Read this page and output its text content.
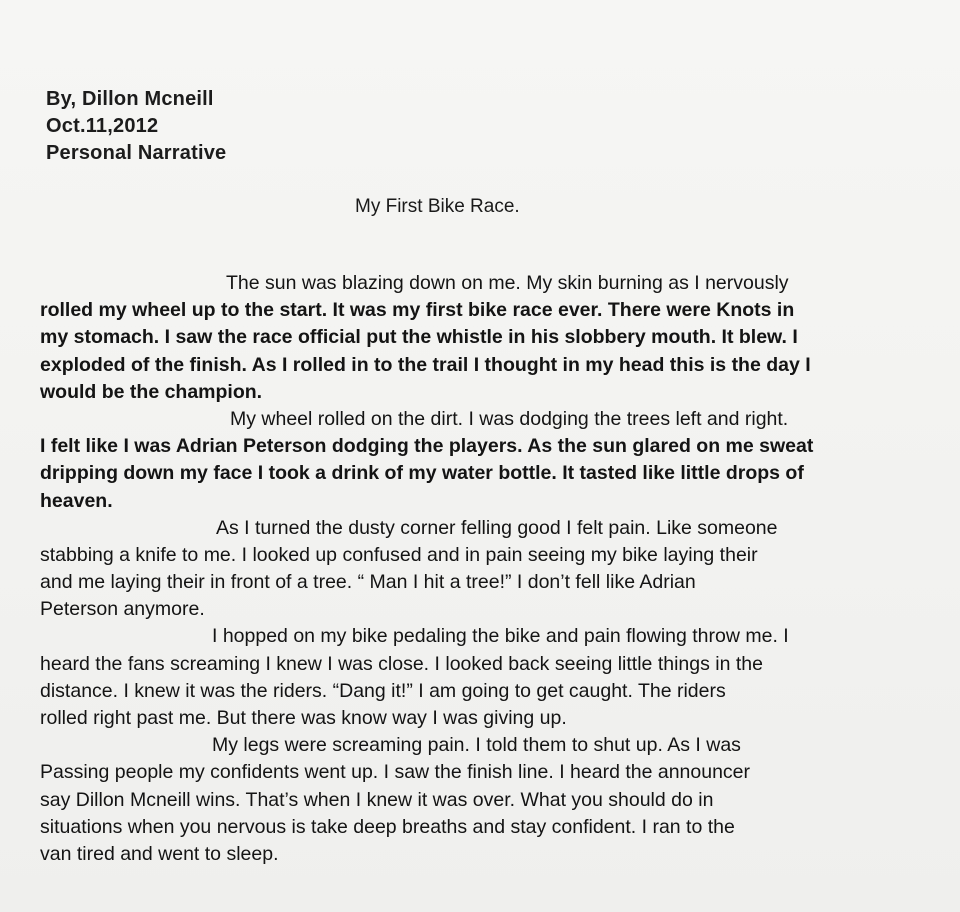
By, Dillon Mcneill
Oct.11,2012
Personal Narrative
My First Bike Race.
The sun was blazing down on me. My skin burning as I nervously
rolled my wheel up to the start. It was my first bike race ever. There were Knots in
my stomach. I saw the race official put the whistle in his slobbery mouth. It blew. I
exploded of the finish. As I rolled in to the trail I thought in my head this is the day I
would be the champion.
My wheel rolled on the dirt. I was dodging the trees left and right.
I felt like I was Adrian Peterson dodging the players. As the sun glared on me sweat
dripping down my face I took a drink of my water bottle. It tasted like little drops of
heaven.
As I turned the dusty corner felling good I felt pain. Like someone
stabbing a knife to me. I looked up confused and in pain seeing my bike laying their
and me laying their in front of a tree. “ Man I hit a tree!” I don’t fell like Adrian
Peterson anymore.
I hopped on my bike pedaling the bike and pain flowing throw me. I
heard the fans screaming I knew I was close. I looked back seeing little things in the
distance. I knew it was the riders. “Dang it!” I am going to get caught. The riders
rolled right past me. But there was know way I was giving up.
My legs were screaming pain. I told them to shut up. As I was
Passing people my confidents went up. I saw the finish line. I heard the announcer
say Dillon Mcneill wins. That’s when I knew it was over. What you should do in
situations when you nervous is take deep breaths and stay confident. I ran to the
van tired and went to sleep.
